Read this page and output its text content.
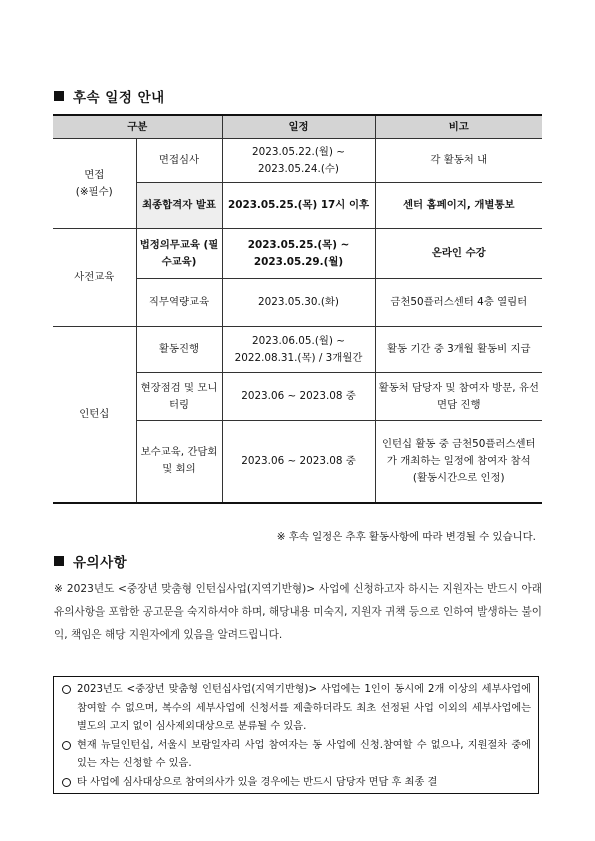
후속 일정 안내
구분		일정	비고
면접
(※필수)	면접심사	2023.05.22.(월) ~ 2023.05.24.(수)	각 활동처 내
	최종합격자 발표	2023.05.25.(목) 17시 이후	센터 홈페이지, 개별통보
사전교육	법정의무교육 (필수교육)	2023.05.25.(목) ~ 2023.05.29.(월)	온라인 수강
	직무역량교육	2023.05.30.(화)	금천50플러스센터 4층 열림터
인턴십	활동진행	2023.06.05.(월) ~ 2022.08.31.(목) / 3개월간	활동 기간 중 3개월 활동비 지급
	현장점검 및 모니터링	2023.06 ~ 2023.08 중	활동처 담당자 및 참여자 방문, 유선면담 진행
	보수교육, 간담회 및 회의	2023.06 ~ 2023.08 중	인턴십 활동 중 금천50플러스센터가 개최하는 일정에 참여자 참석 (활동시간으로 인정)
※ 후속 일정은 추후 활동사항에 따라 변경될 수 있습니다.
유의사항

※ 2023년도 <중장년 맞춤형 인턴십사업(지역기반형)> 사업에 신청하고자 하시는 지원자는 반드시 아래 유의사항을 포함한 공고문을 숙지하셔야 하며, 해당내용 미숙지, 지원자 귀책 등으로 인하여 발생하는 불이익, 책임은 해당 지원자에게 있음을 알려드립니다.

2023년도 <중장년 맞춤형 인턴십사업(지역기반형)> 사업에는 1인이 동시에 2개 이상의 세부사업에 참여할 수 없으며, 복수의 세부사업에 신청서를 제출하더라도 최초 선정된 사업 이외의 세부사업에는 별도의 고지 없이 심사제외대상으로 분류될 수 있음.
현재 뉴딜인턴십, 서울시 보람일자리 사업 참여자는 동 사업에 신청.참여할 수 없으나, 지원절차 중에 있는 자는 신청할 수 있음.
타 사업에 심사대상으로 참여의사가 있을 경우에는 반드시 담당자 면담 후 최종 결
